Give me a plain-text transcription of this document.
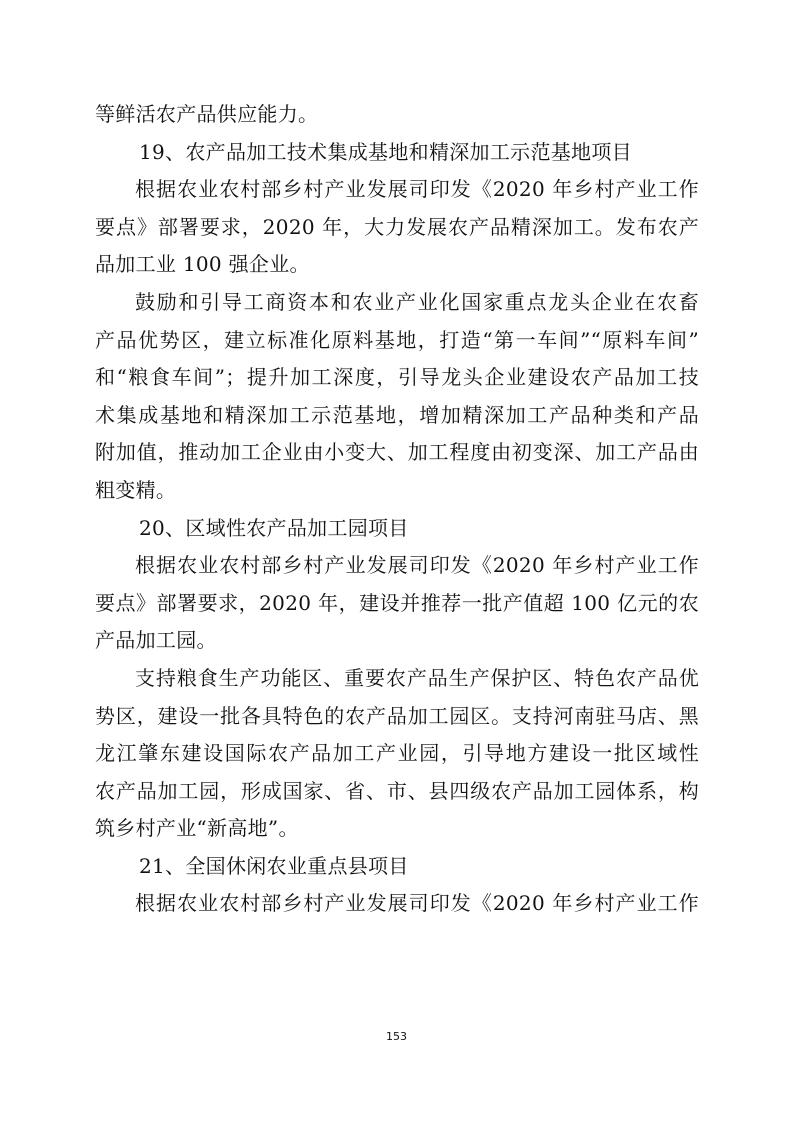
等鲜活农产品供应能力。
19、农产品加工技术集成基地和精深加工示范基地项目
根据农业农村部乡村产业发展司印发《2020 年乡村产业工作
要点》部署要求，2020 年，大力发展农产品精深加工。发布农产
品加工业 100 强企业。
鼓励和引导工商资本和农业产业化国家重点龙头企业在农畜
产品优势区，建立标准化原料基地，打造“第一车间”“原料车间”
和“粮食车间”；提升加工深度，引导龙头企业建设农产品加工技
术集成基地和精深加工示范基地，增加精深加工产品种类和产品
附加值，推动加工企业由小变大、加工程度由初变深、加工产品由
粗变精。
20、区域性农产品加工园项目
根据农业农村部乡村产业发展司印发《2020 年乡村产业工作
要点》部署要求，2020 年，建设并推荐一批产值超 100 亿元的农
产品加工园。
支持粮食生产功能区、重要农产品生产保护区、特色农产品优
势区，建设一批各具特色的农产品加工园区。支持河南驻马店、黑
龙江肇东建设国际农产品加工产业园，引导地方建设一批区域性
农产品加工园，形成国家、省、市、县四级农产品加工园体系，构
筑乡村产业“新高地”。
21、全国休闲农业重点县项目
根据农业农村部乡村产业发展司印发《2020 年乡村产业工作
153
